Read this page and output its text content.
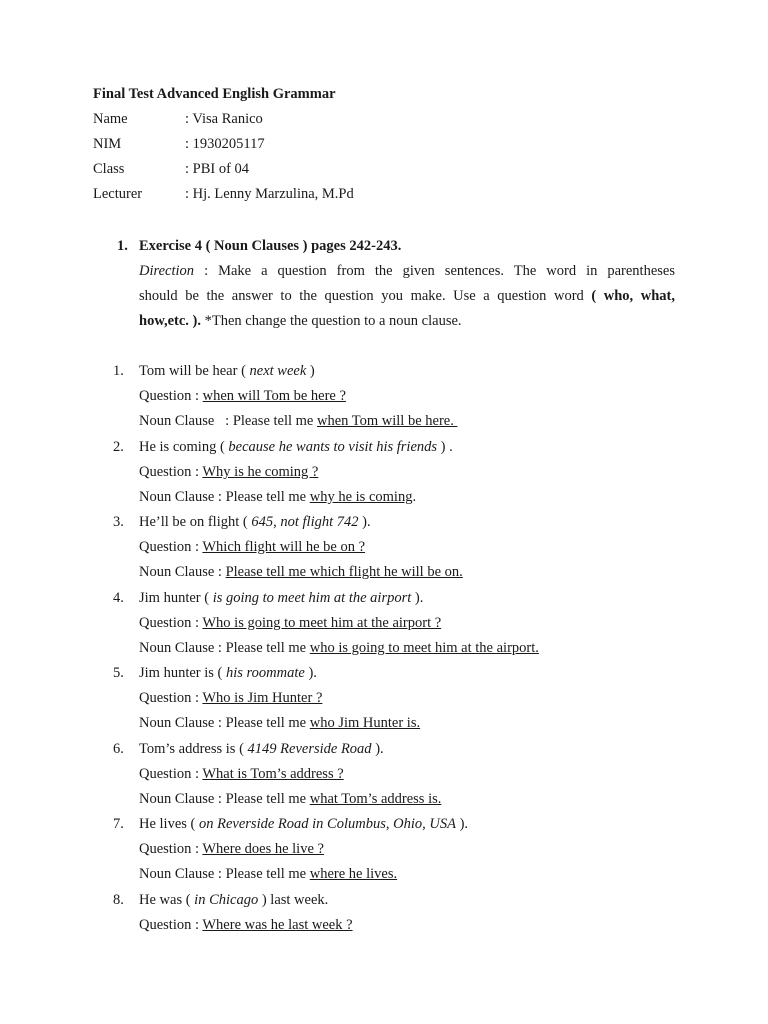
Final Test Advanced English Grammar
Name	: Visa Ranico
NIM	: 1930205117
Class	: PBI of 04
Lecturer	: Hj. Lenny Marzulina, M.Pd
1. Exercise 4 ( Noun Clauses ) pages 242-243.
Direction : Make a question from the given sentences. The word in parentheses
should be the answer to the question you make. Use a question word ( who, what,
how,etc. ). *Then change the question to a noun clause.
1. Tom will be hear ( next week )
Question : when will Tom be here ?
Noun Clause   : Please tell me when Tom will be here.
2. He is coming ( because he wants to visit his friends ) .
Question : Why is he coming ?
Noun Clause : Please tell me why he is coming.
3. He’ll be on flight ( 645, not flight 742 ).
Question : Which flight will he be on ?
Noun Clause : Please tell me which flight he will be on.
4. Jim hunter ( is going to meet him at the airport ).
Question : Who is going to meet him at the airport ?
Noun Clause : Please tell me who is going to meet him at the airport.
5. Jim hunter is ( his roommate ).
Question : Who is Jim Hunter ?
Noun Clause : Please tell me who Jim Hunter is.
6. Tom’s address is ( 4149 Reverside Road ).
Question : What is Tom’s address ?
Noun Clause : Please tell me what Tom’s address is.
7. He lives ( on Reverside Road in Columbus, Ohio, USA ).
Question : Where does he live ?
Noun Clause : Please tell me where he lives.
8. He was ( in Chicago ) last week.
Question : Where was he last week ?
